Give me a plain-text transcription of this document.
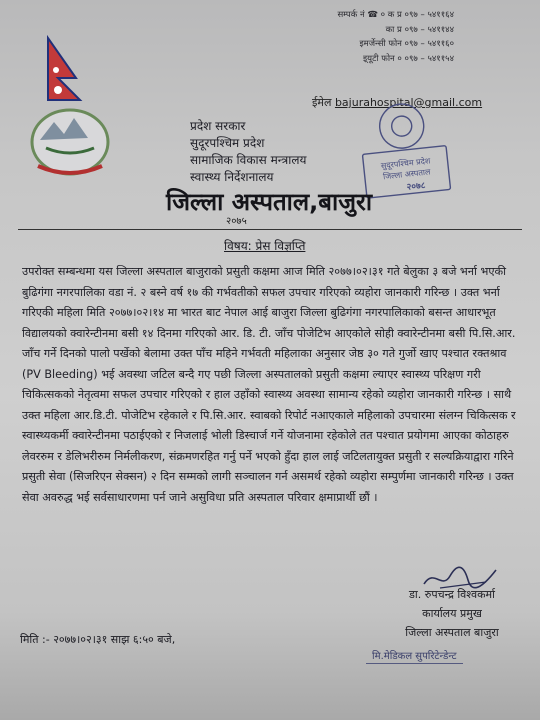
सम्पर्क नं ☎ ० क प्र ०९७ – ५४११६४
का प्र ०९७ – ५४११४४
इमर्जेन्सी फोन ०९७ – ५४११६०
इ्यूटी फोन ० ०९७ – ५४११५४
ईमेल bajurahospital@gmail.com
प्रदेश सरकार
सुदूरपश्चिम प्रदेश
सामाजिक विकास मन्त्रालय
स्वास्थ्य निर्देशनालय
सुदूरपश्चिम प्रदेश
जिल्ला अस्पताल
२०७८
जिल्ला अस्पताल,बाजुरा
२०७५
विषय: प्रेस विज्ञप्ति

उपरोक्त सम्बन्धमा यस जिल्ला अस्पताल बाजुराको प्रसुती कक्षमा आज मिति २०७७।०२।३१ गते बेलुका ३ बजे भर्ना भएकी बुढिगंगा नगरपालिका वडा नं. २ बस्ने वर्ष १७ की गर्भवतीको सफल उपचार गरिएको व्यहोरा जानकारी गरिन्छ । उक्त भर्ना गरिएकी महिला मिति २०७७।०२।१४ मा भारत बाट नेपाल आई बाजुरा जिल्ला बुढिगंगा नगरपालिकाको बसन्त आधारभूत विद्यालयको क्वारेन्टीनमा बसी १४ दिनमा गरिएको आर. डि. टी. जाँच पोजेटिभ आएकोले सोही क्वारेन्टीनमा बसी पि.सि.आर. जाँच गर्ने दिनको पालो पर्खेको बेलामा उक्त पाँच महिने गर्भवती महिलाका अनुसार जेष्ठ ३० गते गुर्जो खाए पश्चात रक्तश्राव (PV Bleeding) भई अवस्था जटिल बन्दै गए पछी जिल्ला अस्पतालको प्रसुती कक्षमा ल्याएर स्वास्थ्य परिक्षण गरी चिकित्सकको नेतृत्वमा सफल उपचार गरिएको र हाल उहाँको स्वास्थ्य अवस्था सामान्य रहेको व्यहोरा जानकारी गरिन्छ । साथै उक्त महिला आर.डि.टी. पोजेटिभ रहेकाले र पि.सि.आर. स्वाबको रिपोर्ट नआएकाले महिलाको उपचारमा संलग्न चिकित्सक र स्वास्थ्यकर्मी क्वारेन्टीनमा पठाईएको र निजलाई भोली डिस्चार्ज गर्ने योजनामा रहेकोले तत पश्चात प्रयोगमा आएका कोठाहरु लेवररुम र डेलिभरीरुम निर्मलीकरण, संक्रमणरहित गर्नु पर्ने भएको हुँदा हाल लाई जटिलतायुक्त प्रसुती र सल्यक्रियाद्वारा गरिने प्रसुती सेवा (सिजरिएन सेक्सन) २ दिन सम्मको लागी सञ्चालन गर्न असमर्थ रहेको व्यहोरा सम्पुर्णमा जानकारी गरिन्छ । उक्त सेवा अवरुद्ध भई सर्वसाधारणमा पर्न जाने असुविधा प्रति अस्पताल परिवार क्षमाप्रार्थी छौं ।

डा. रुपचन्द्र विश्वकर्मा
कार्यालय प्रमुख
जिल्ला अस्पताल बाजुरा
मिति :- २०७७।०२।३१ साझ ६:५० बजे,
मि.मेडिकल सुपरिटेन्डेन्ट
